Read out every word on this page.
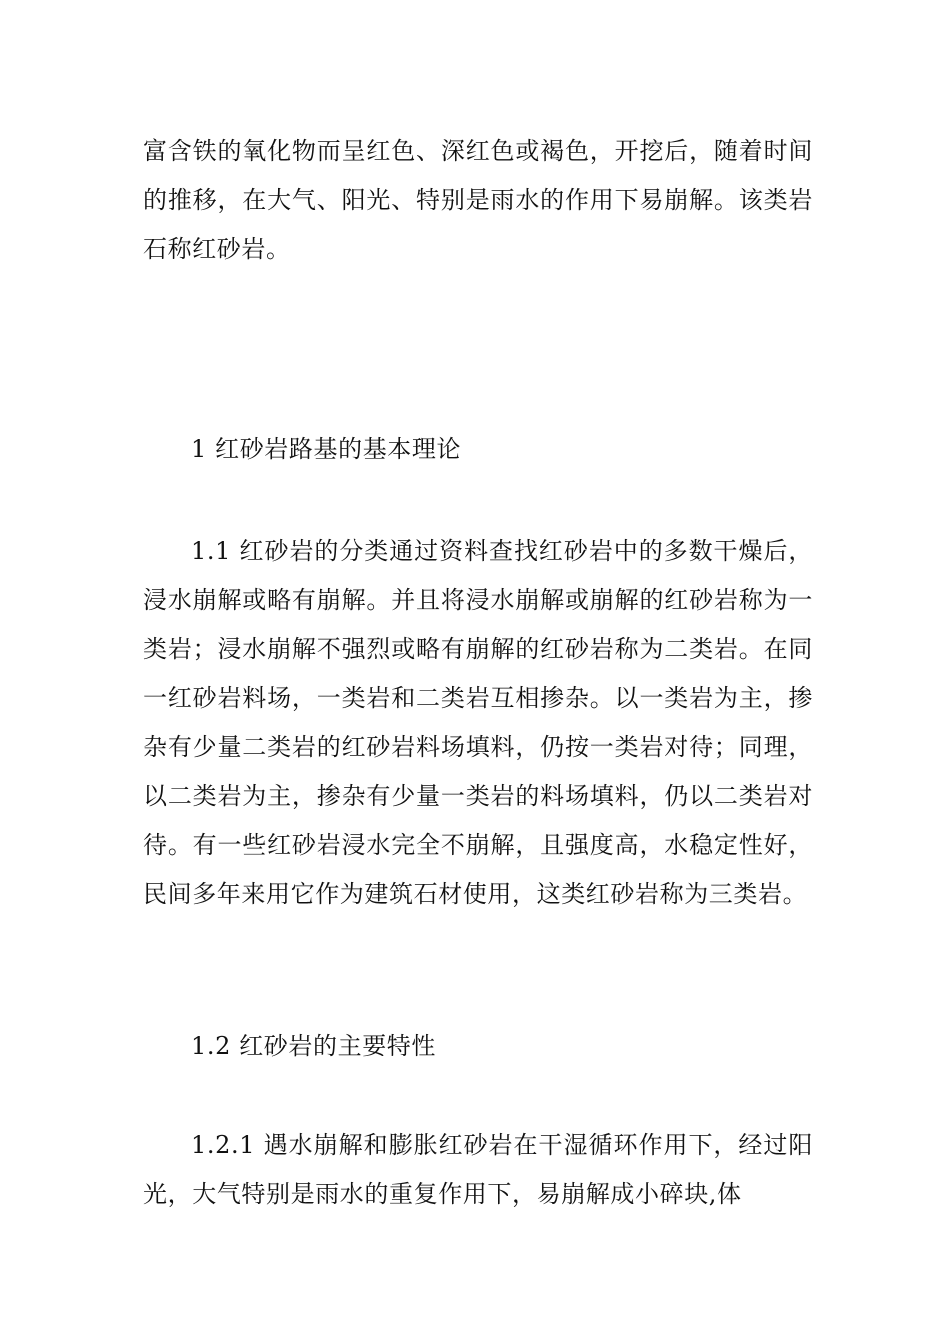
富含铁的氧化物而呈红色、深红色或褐色，开挖后，随着时间的推移，在大气、阳光、特别是雨水的作用下易崩解。该类岩石称红砂岩。

1 红砂岩路基的基本理论

1.1 红砂岩的分类通过资料查找红砂岩中的多数干燥后，浸水崩解或略有崩解。并且将浸水崩解或崩解的红砂岩称为一类岩；浸水崩解不强烈或略有崩解的红砂岩称为二类岩。在同一红砂岩料场，一类岩和二类岩互相掺杂。以一类岩为主，掺杂有少量二类岩的红砂岩料场填料，仍按一类岩对待；同理，以二类岩为主，掺杂有少量一类岩的料场填料，仍以二类岩对待。有一些红砂岩浸水完全不崩解，且强度高，水稳定性好，民间多年来用它作为建筑石材使用，这类红砂岩称为三类岩。

1.2 红砂岩的主要特性

1.2.1 遇水崩解和膨胀红砂岩在干湿循环作用下，经过阳光，大气特别是雨水的重复作用下，易崩解成小碎块,体
